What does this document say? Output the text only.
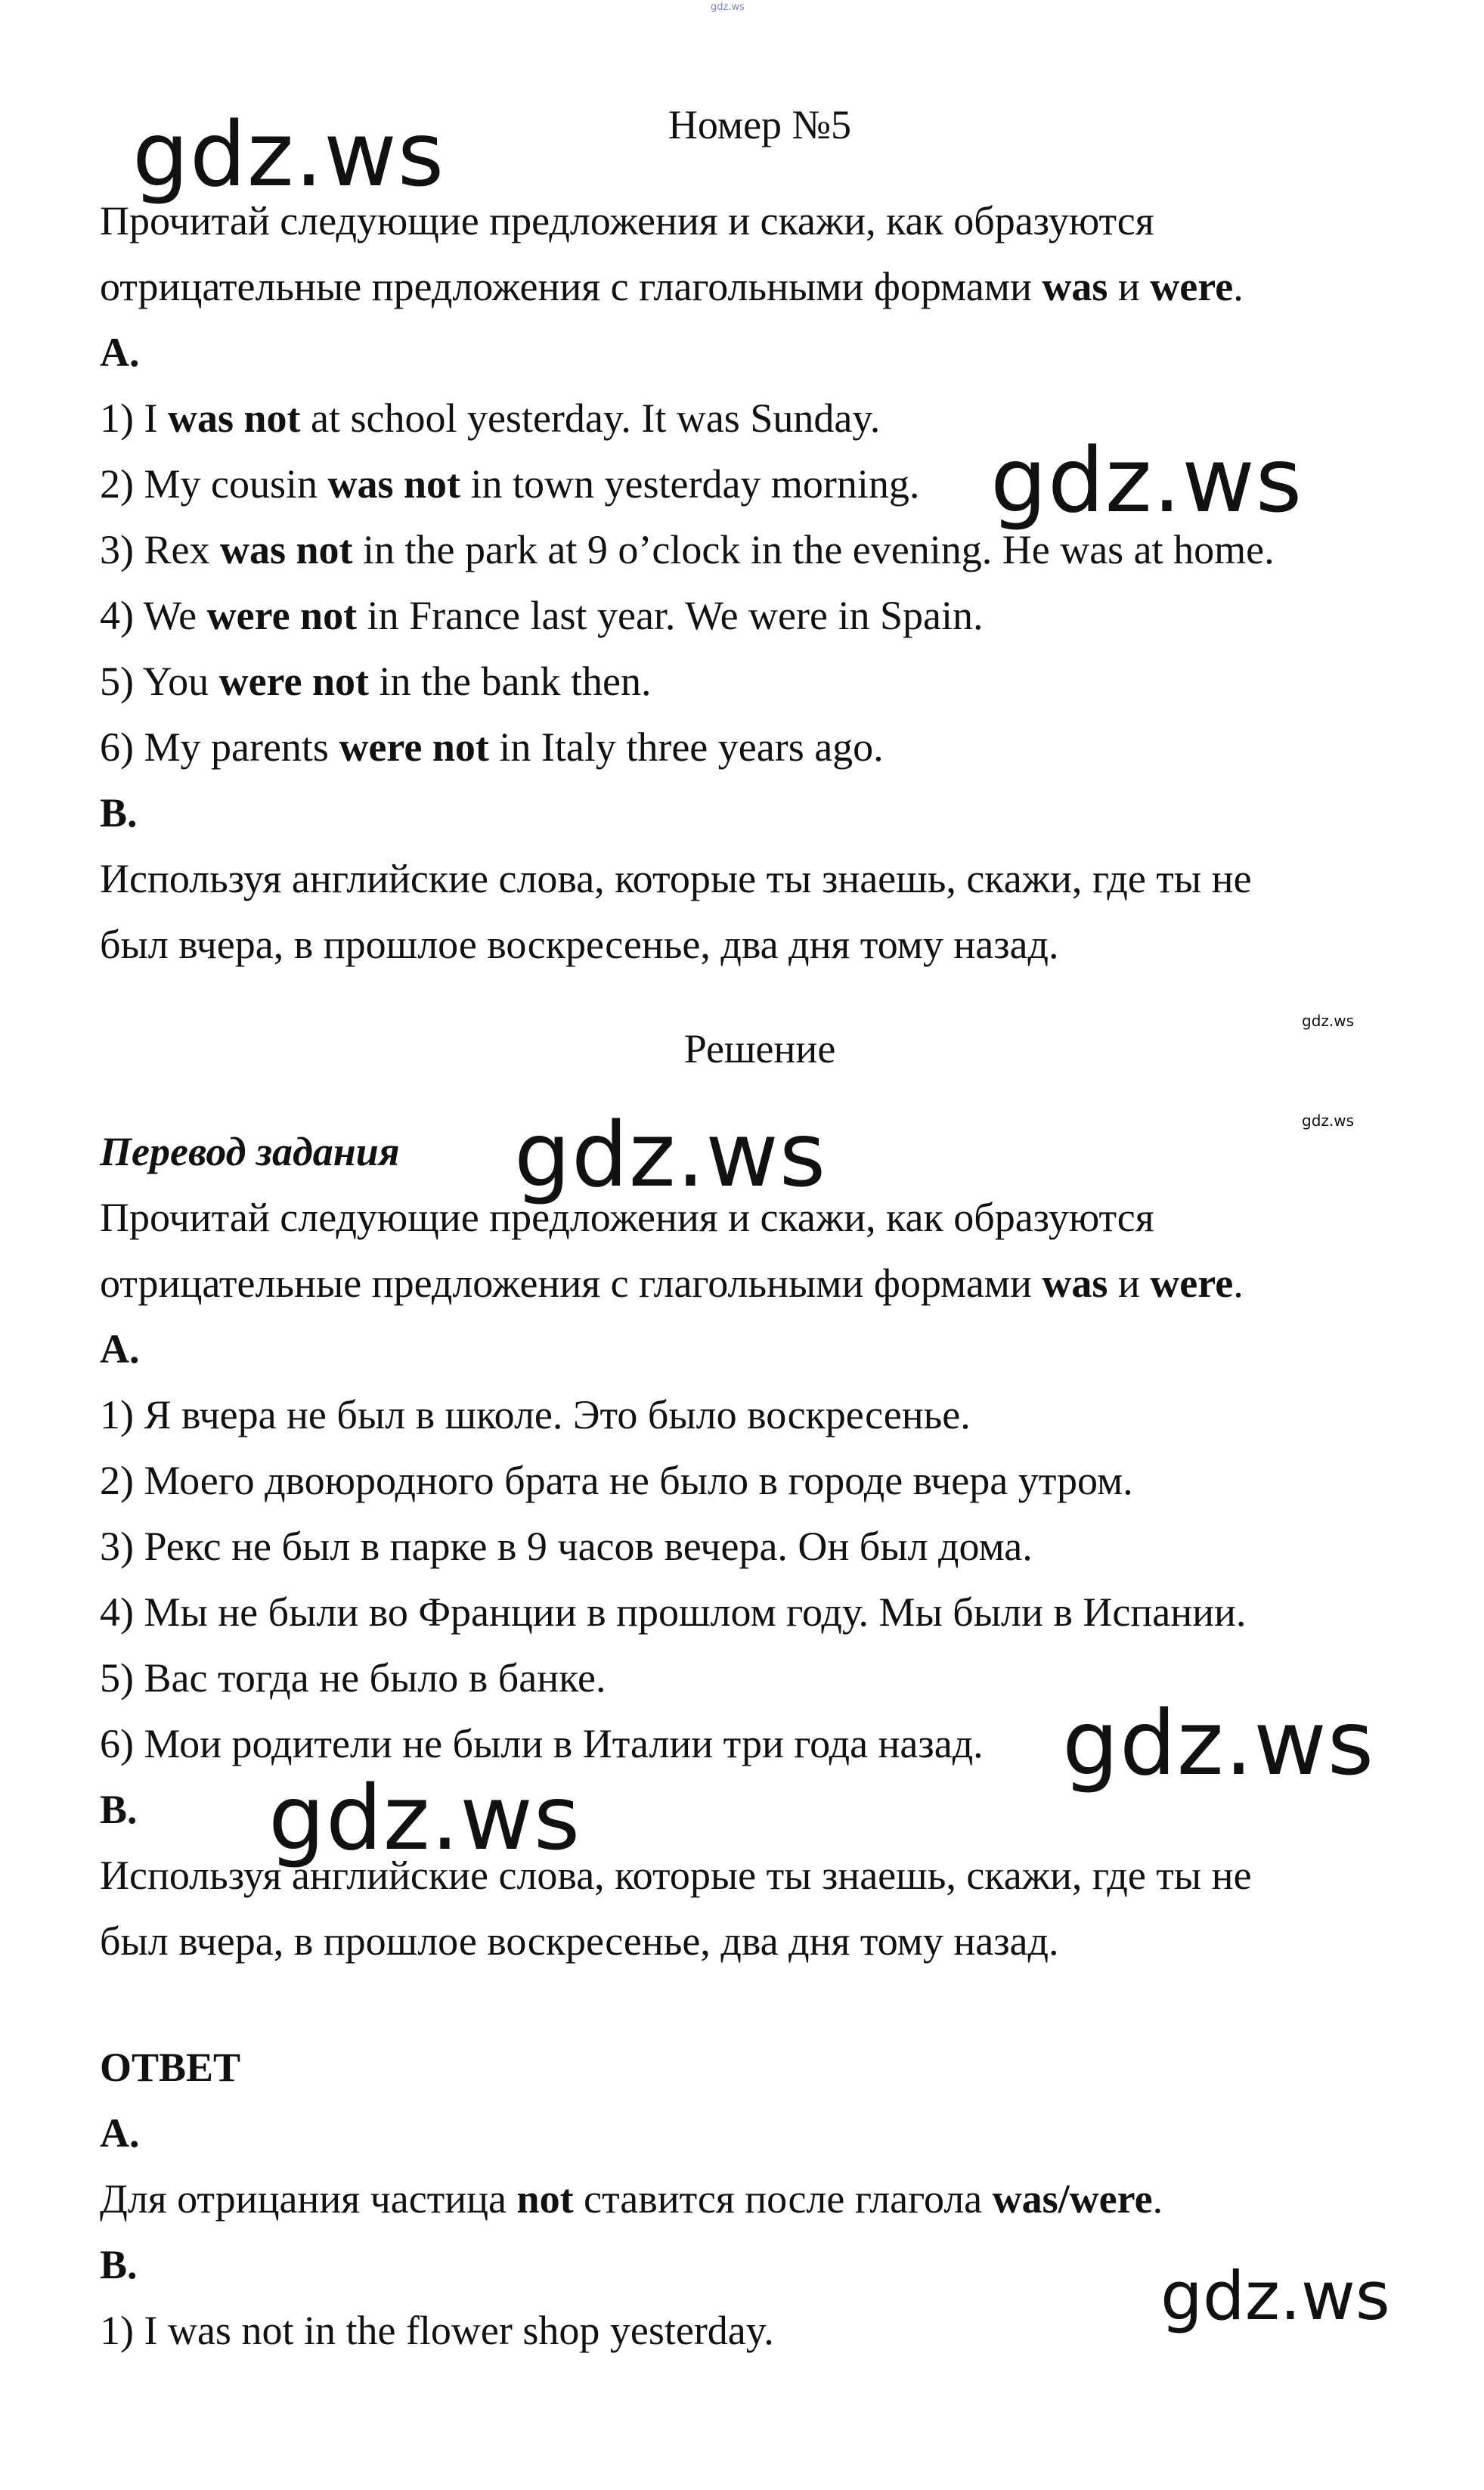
gdz.ws
Номер №5
Прочитай следующие предложения и скажи, как образуются
отрицательные предложения с глагольными формами was и were.
A.
1) I was not at school yesterday. It was Sunday.
2) My cousin was not in town yesterday morning.
3) Rex was not in the park at 9 o’clock in the evening. He was at home.
4) We were not in France last year. We were in Spain.
5) You were not in the bank then.
6) My parents were not in Italy three years ago.
B.
Используя английские слова, которые ты знаешь, скажи, где ты не
был вчера, в прошлое воскресенье, два дня тому назад.
Решение
Перевод задания
Прочитай следующие предложения и скажи, как образуются
отрицательные предложения с глагольными формами was и were.
A.
1) Я вчера не был в школе. Это было воскресенье.
2) Моего двоюродного брата не было в городе вчера утром.
3) Рекс не был в парке в 9 часов вечера. Он был дома.
4) Мы не были во Франции в прошлом году. Мы были в Испании.
5) Вас тогда не было в банке.
6) Мои родители не были в Италии три года назад.
B.
Используя английские слова, которые ты знаешь, скажи, где ты не
был вчера, в прошлое воскресенье, два дня тому назад.
ОТВЕТ
A.
Для отрицания частица not ставится после глагола was/were.
B.
1) I was not in the flower shop yesterday.
gdz.ws
gdz.ws
gdz.ws
gdz.ws
gdz.ws
gdz.ws
gdz.ws
gdz.ws
